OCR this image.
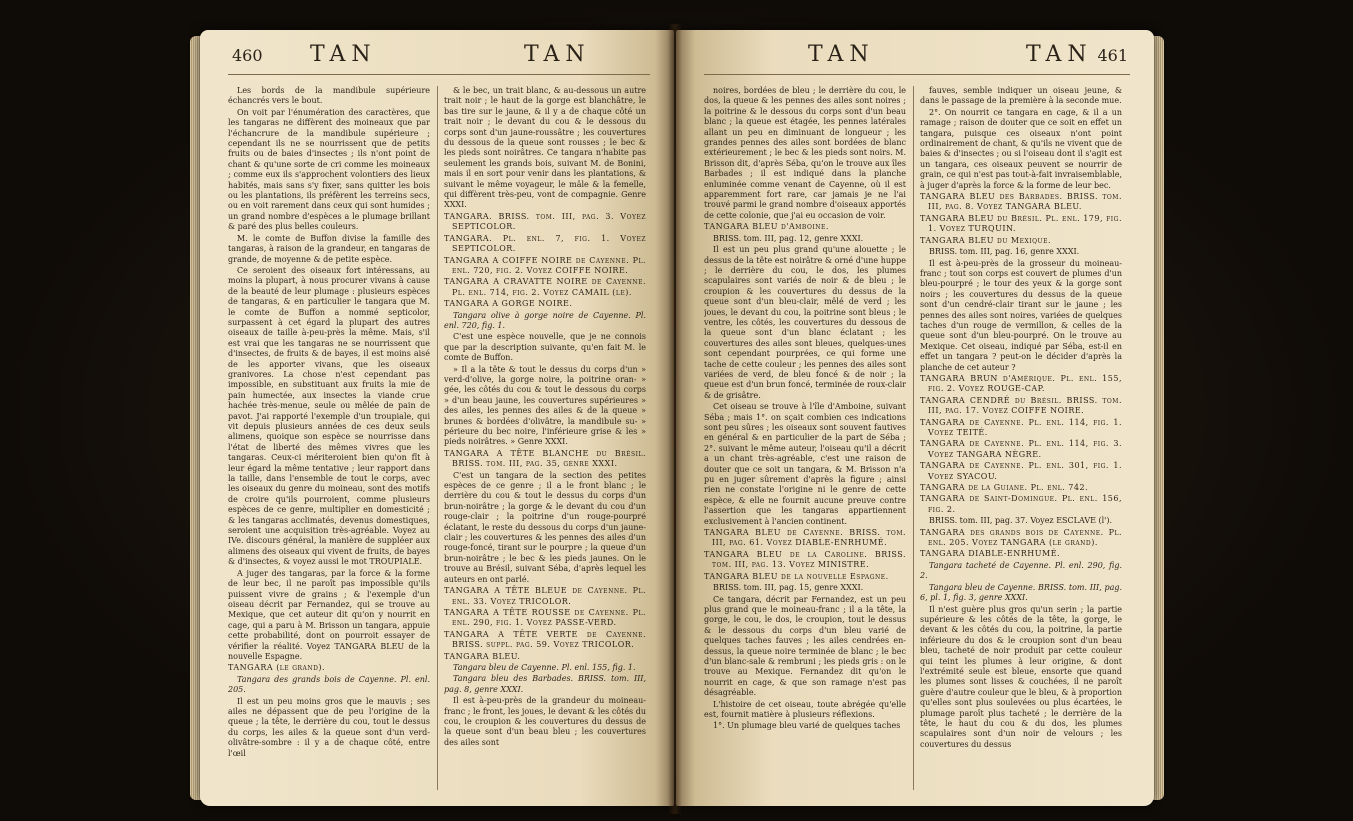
460 TAN	TAN

Les bords de la mandibule supérieure échancrés vers le bout.

On voit par l'énumération des caractères, que les tangaras ne diffèrent des moineaux que par l'échancrure de la mandibule supérieure ; cependant ils ne se nourrissent que de petits fruits ou de baies d'insectes ; ils n'ont point de chant & qu'une sorte de cri comme les moineaux ; comme eux ils s'approchent volontiers des lieux habités, mais sans s'y fixer, sans quitter les bois ou les plantations, ils préfèrent les terreins secs, ou en voit rarement dans ceux qui sont humides ; un grand nombre d'espèces a le plumage brillant & paré des plus belles couleurs.

M. le comte de Buffon divise la famille des tangaras, à raison de la grandeur, en tangaras de grande, de moyenne & de petite espèce.

Ce seroient des oiseaux fort intéressans, au moins la plupart, à nous procurer vivans à cause de la beauté de leur plumage : plusieurs espèces de tangaras, & en particulier le tangara que M. le comte de Buffon a nommé septicolor, surpassent à cet égard la plupart des autres oiseaux de taille à-peu-près la même. Mais, s'il est vrai que les tangaras ne se nourrissent que d'insectes, de fruits & de bayes, il est moins aisé de les apporter vivans, que les oiseaux granivores. La chose n'est cependant pas impossible, en substituant aux fruits la mie de pain humectée, aux insectes la viande crue hachée très-menue, seule ou mêlée de pain de pavot. J'ai rapporté l'exemple d'un troupiale, qui vit depuis plusieurs années de ces deux seuls alimens, quoique son espèce se nourrisse dans l'état de liberté des mêmes vivres que les tangaras. Ceux-ci mériteroient bien qu'on fît à leur égard la même tentative ; leur rapport dans la taille, dans l'ensemble de tout le corps, avec les oiseaux du genre du moineau, sont des motifs de croire qu'ils pourroient, comme plusieurs espèces de ce genre, multiplier en domesticité ; & les tangaras acclimatés, devenus domestiques, seroient une acquisition très-agréable. Voyez au IVe. discours général, la manière de suppléer aux alimens des oiseaux qui vivent de fruits, de bayes & d'insectes, & voyez aussi le mot TROUPIALE.

A juger des tangaras, par la force & la forme de leur bec, il ne paroît pas impossible qu'ils puissent vivre de grains ; & l'exemple d'un oiseau décrit par Fernandez, qui se trouve au Mexique, que cet auteur dit qu'on y nourrit en cage, qui a paru à M. Brisson un tangara, appuie cette probabilité, dont on pourroit essayer de vérifier la réalité. Voyez TANGARA BLEU de la nouvelle Espagne.

TANGARA (le grand).

Tangara des grands bois de Cayenne. Pl. enl. 205.

Il est un peu moins gros que le mauvis ; ses ailes ne dépassent que de peu l'origine de la queue ; la tête, le derrière du cou, tout le dessus du corps, les ailes & la queue sont d'un verd-olivâtre-sombre : il y a de chaque côté, entre l'œil

& le bec, un trait blanc, & au-dessous un autre trait noir ; le haut de la gorge est blanchâtre, le bas tire sur le jaune, & il y a de chaque côté un trait noir ; le devant du cou & le dessous du corps sont d'un jaune-roussâtre ; les couvertures du dessous de la queue sont rousses ; le bec & les pieds sont noirâtres. Ce tangara n'habite pas seulement les grands bois, suivant M. de Bonini, mais il en sort pour venir dans les plantations, & suivant le même voyageur, le mâle & la femelle, qui diffèrent très-peu, vont de compagnie. Genre XXXI.

TANGARA. BRISS. tom. III, pag. 3. Voyez SEPTICOLOR.

TANGARA. Pl. enl. 7, fig. 1. Voyez SEPTICOLOR.

TANGARA A COIFFE NOIRE de Cayenne. Pl. enl. 720, fig. 2. Voyez COIFFE NOIRE.

TANGARA A CRAVATTE NOIRE de Cayenne. Pl. enl. 714, fig. 2. Voyez CAMAIL (le).

TANGARA A GORGE NOIRE.

Tangara olive à gorge noire de Cayenne. Pl. enl. 720, fig. 1.

C'est une espèce nouvelle, que je ne connois que par la description suivante, qu'en fait M. le comte de Buffon.

» Il a la tête & tout le dessus du corps d'un » verd-d'olive, la gorge noire, la poitrine oran- » gée, les côtés du cou & tout le dessous du corps » d'un beau jaune, les couvertures supérieures » des ailes, les pennes des ailes & de la queue » brunes & bordées d'olivâtre, la mandibule su- » périeure du bec noire, l'inférieure grise & les » pieds noirâtres. » Genre XXXI.

TANGARA A TÊTE BLANCHE du Brésil. BRISS. tom. III, pag. 35, genre XXXI.

C'est un tangara de la section des petites espèces de ce genre ; il a le front blanc ; le derrière du cou & tout le dessus du corps d'un brun-noirâtre ; la gorge & le devant du cou d'un rouge-clair ; la poitrine d'un rouge-pourpré éclatant, le reste du dessous du corps d'un jaune-clair ; les couvertures & les pennes des ailes d'un rouge-foncé, tirant sur le pourpre ; la queue d'un brun-noirâtre ; le bec & les pieds jaunes. On le trouve au Brésil, suivant Séba, d'après lequel les auteurs en ont parlé.

TANGARA A TÊTE BLEUE de Cayenne. Pl. enl. 33. Voyez TRICOLOR.

TANGARA A TÊTE ROUSSE de Cayenne. Pl. enl. 290, fig. 1. Voyez PASSE-VERD.

TANGARA A TÊTE VERTE de Cayenne. BRISS. suppl. pag. 59. Voyez TRICOLOR.

TANGARA BLEU.

Tangara bleu de Cayenne. Pl. enl. 155, fig. 1.

Tangara bleu des Barbades. BRISS. tom. III, pag. 8, genre XXXI.

Il est à-peu-près de la grandeur du moineau-franc ; le front, les joues, le devant & les côtés du cou, le croupion & les couvertures du dessus de la queue sont d'un beau bleu ; les couvertures des ailes sont

TAN	TAN 461

noires, bordées de bleu ; le derrière du cou, le dos, la queue & les pennes des ailes sont noires ; la poitrine & le dessous du corps sont d'un beau blanc ; la queue est étagée, les pennes latérales allant un peu en diminuant de longueur ; les grandes pennes des ailes sont bordées de blanc extérieurement ; le bec & les pieds sont noirs. M. Brisson dit, d'après Séba, qu'on le trouve aux îles Barbades ; il est indiqué dans la planche enluminée comme venant de Cayenne, où il est apparemment fort rare, car jamais je ne l'ai trouvé parmi le grand nombre d'oiseaux apportés de cette colonie, que j'ai eu occasion de voir.

TANGARA BLEU d'Amboine.

BRISS. tom. III, pag. 12, genre XXXI.

Il est un peu plus grand qu'une alouette ; le dessus de la tête est noirâtre & orné d'une huppe ; le derrière du cou, le dos, les plumes scapulaires sont variés de noir & de bleu ; le croupion & les couvertures du dessus de la queue sont d'un bleu-clair, mêlé de verd ; les joues, le devant du cou, la poitrine sont bleus ; le ventre, les côtés, les couvertures du dessous de la queue sont d'un blanc éclatant ; les couvertures des ailes sont bleues, quelques-unes sont cependant pourprées, ce qui forme une tache de cette couleur ; les pennes des ailes sont variées de verd, de bleu foncé & de noir ; la queue est d'un brun foncé, terminée de roux-clair & de grisâtre.

Cet oiseau se trouve à l'île d'Amboine, suivant Séba ; mais 1°. on sçait combien ces indications sont peu sûres ; les oiseaux sont souvent fautives en général & en particulier de la part de Séba ; 2°. suivant le même auteur, l'oiseau qu'il a décrit a un chant très-agréable, c'est une raison de douter que ce soit un tangara, & M. Brisson n'a pu en juger sûrement d'après la figure ; ainsi rien ne constate l'origine ni le genre de cette espèce, & elle ne fournit aucune preuve contre l'assertion que les tangaras appartiennent exclusivement à l'ancien continent.

TANGARA BLEU de Cayenne. BRISS. tom. III, pag. 61. Voyez DIABLE-ENRHUMÉ.

TANGARA BLEU de la Caroline. BRISS. tom. III, pag. 13. Voyez MINISTRE.

TANGARA BLEU de la nouvelle Espagne.

BRISS. tom. III, pag. 15, genre XXXI.

Ce tangara, décrit par Fernandez, est un peu plus grand que le moineau-franc ; il a la tête, la gorge, le cou, le dos, le croupion, tout le dessus & le dessous du corps d'un bleu varié de quelques taches fauves ; les ailes cendrées en-dessus, la queue noire terminée de blanc ; le bec d'un blanc-sale & rembruni ; les pieds gris : on le trouve au Mexique. Fernandez dit qu'on le nourrit en cage, & que son ramage n'est pas désagréable.

L'histoire de cet oiseau, toute abrégée qu'elle est, fournit matière à plusieurs réflexions.

1°. Un plumage bleu varié de quelques taches

fauves, semble indiquer un oiseau jeune, & dans le passage de la première à la seconde mue.

2°. On nourrit ce tangara en cage, & il a un ramage ; raison de douter que ce soit en effet un tangara, puisque ces oiseaux n'ont point ordinairement de chant, & qu'ils ne vivent que de baies & d'insectes ; ou si l'oiseau dont il s'agit est un tangara, ces oiseaux peuvent se nourrir de grain, ce qui n'est pas tout-à-fait invraisemblable, à juger d'après la force & la forme de leur bec.

TANGARA BLEU des Barbades. BRISS. tom. III, pag. 8. Voyez TANGARA BLEU.

TANGARA BLEU du Brésil. Pl. enl. 179, fig. 1. Voyez TURQUIN.

TANGARA BLEU du Mexique.

BRISS. tom. III, pag. 16, genre XXXI.

Il est à-peu-près de la grosseur du moineau-franc ; tout son corps est couvert de plumes d'un bleu-pourpré ; le tour des yeux & la gorge sont noirs ; les couvertures du dessus de la queue sont d'un cendré-clair tirant sur le jaune ; les pennes des ailes sont noires, variées de quelques taches d'un rouge de vermillon, & celles de la queue sont d'un bleu-pourpré. On le trouve au Mexique. Cet oiseau, indiqué par Séba, est-il en effet un tangara ? peut-on le décider d'après la planche de cet auteur ?

TANGARA BRUN d'Amérique. Pl. enl. 155, fig. 2. Voyez ROUGE-CAP.

TANGARA CENDRÉ du Brésil. BRISS. tom. III, pag. 17. Voyez COIFFE NOIRE.

TANGARA de Cayenne. Pl. enl. 114, fig. 1. Voyez TEITÉ.

TANGARA de Cayenne. Pl. enl. 114, fig. 3. Voyez TANGARA NÈGRE.

TANGARA de Cayenne. Pl. enl. 301, fig. 1. Voyez SYACOU.

TANGARA de la Guiane. Pl. enl. 742.

TANGARA de Saint-Domingue. Pl. enl. 156, fig. 2.

BRISS. tom. III, pag. 37. Voyez ESCLAVE (l').

TANGARA des grands bois de Cayenne. Pl. enl. 205. Voyez TANGARA (le grand).

TANGARA DIABLE-ENRHUMÉ.

Tangara tacheté de Cayenne. Pl. enl. 290, fig. 2.

Tangara bleu de Cayenne. BRISS. tom. III, pag. 6, pl. 1, fig. 3, genre XXXI.

Il n'est guère plus gros qu'un serin ; la partie supérieure & les côtés de la tête, la gorge, le devant & les côtés du cou, la poitrine, la partie inférieure du dos & le croupion sont d'un beau bleu, tacheté de noir produit par cette couleur qui teint les plumes à leur origine, & dont l'extrémité seule est bleue, ensorte que quand les plumes sont lisses & couchées, il ne paroît guère d'autre couleur que le bleu, & à proportion qu'elles sont plus soulevées ou plus écartées, le plumage paroît plus tacheté ; le derrière de la tête, le haut du cou & du dos, les plumes scapulaires sont d'un noir de velours ; les couvertures du dessus
